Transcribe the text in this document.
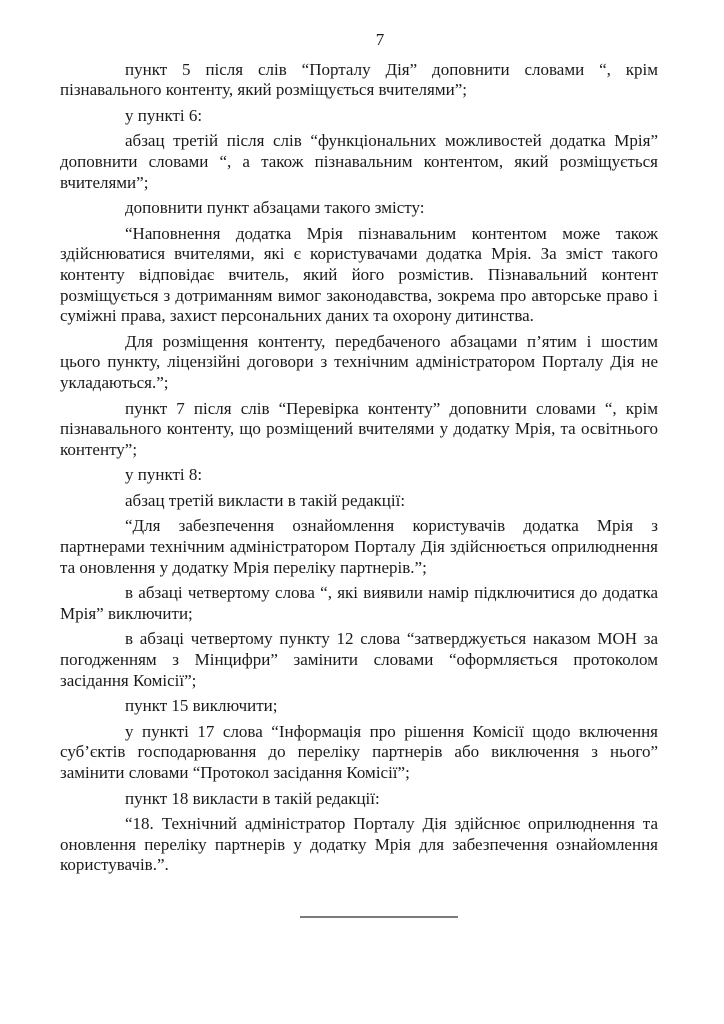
7

пункт 5 після слів “Порталу Дія” доповнити словами “, крім пізнавального контенту, який розміщується вчителями”;

у пункті 6:

абзац третій після слів “функціональних можливостей додатка Мрія” доповнити словами “, а також пізнавальним контентом, який розміщується вчителями”;

доповнити пункт абзацами такого змісту:

“Наповнення додатка Мрія пізнавальним контентом може також здійснюватися вчителями, які є користувачами додатка Мрія. За зміст такого контенту відповідає вчитель, який його розмістив. Пізнавальний контент розміщується з дотриманням вимог законодавства, зокрема про авторське право і суміжні права, захист персональних даних та охорону дитинства.

Для розміщення контенту, передбаченого абзацами п’ятим і шостим цього пункту, ліцензійні договори з технічним адміністратором Порталу Дія не укладаються.”;

пункт 7 після слів “Перевірка контенту” доповнити словами “, крім пізнавального контенту, що розміщений вчителями у додатку Мрія, та освітнього контенту”;

у пункті 8:

абзац третій викласти в такій редакції:

“Для забезпечення ознайомлення користувачів додатка Мрія з партнерами технічним адміністратором Порталу Дія здійснюється оприлюднення та оновлення у додатку Мрія переліку партнерів.”;

в абзаці четвертому слова “, які виявили намір підключитися до додатка Мрія” виключити;

в абзаці четвертому пункту 12 слова “затверджується наказом МОН за погодженням з Мінцифри” замінити словами “оформляється протоколом засідання Комісії”;

пункт 15 виключити;

у пункті 17 слова “Інформація про рішення Комісії щодо включення суб’єктів господарювання до переліку партнерів або виключення з нього” замінити словами “Протокол засідання Комісії”;

пункт 18 викласти в такій редакції:

“18. Технічний адміністратор Порталу Дія здійснює оприлюднення та оновлення переліку партнерів у додатку Мрія для забезпечення ознайомлення користувачів.”.
